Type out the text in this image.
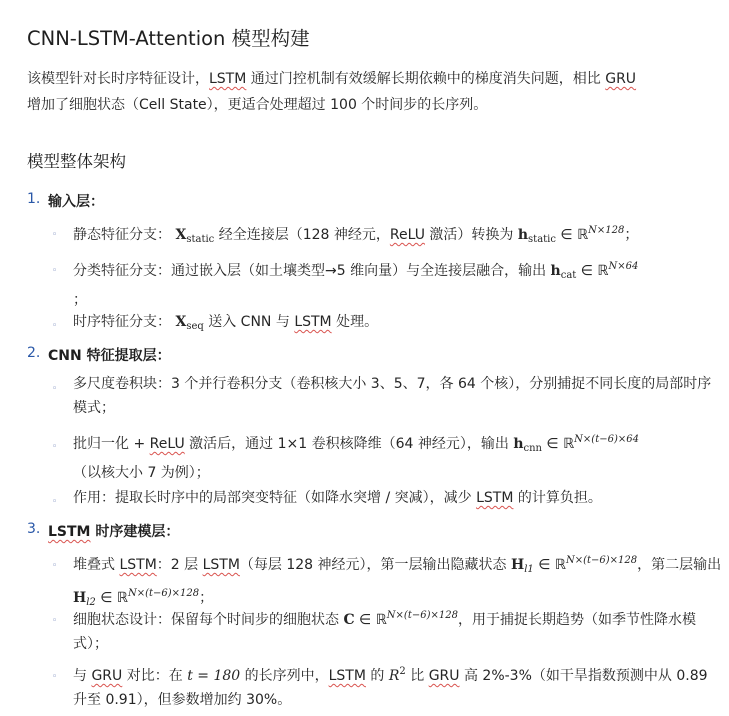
CNN-LSTM-Attention 模型构建

该模型针对长时序特征设计，LSTM 通过门控机制有效缓解长期依赖中的梯度消失问题，相比 GRU
增加了细胞状态（Cell State），更适合处理超过 100 个时间步的长序列。

模型整体架构
1. 输入层：
◦ 静态特征分支： $X_{static}$ 经全连接层（128 神经元，ReLU 激活）转换为 $h_{static}$ ∈ ℝ$^{N\times 128}$；
◦ 分类特征分支：通过嵌入层（如土壤类型→5 维向量）与全连接层融合，输出 $h_{cat}$ ∈ ℝ$^{N\times 64}$
；
◦ 时序特征分支： $X_{seq}$ 送入 CNN 与 LSTM 处理。
2. CNN 特征提取层：
◦ 多尺度卷积块：3 个并行卷积分支（卷积核大小 3、5、7，各 64 个核），分别捕捉不同长度的局部时序模式；
◦ 批归一化 + ReLU 激活后，通过 1×1 卷积核降维（64 神经元），输出 $h_{cnn}$ ∈ ℝ$^{N\times(t-6)\times 64}$
（以核大小 7 为例）；
◦ 作用：提取长时序中的局部突变特征（如降水突增 / 突减），减少 LSTM 的计算负担。
3. LSTM 时序建模层：
◦ 堆叠式 LSTM：2 层 LSTM（每层 128 神经元），第一层输出隐藏状态 $H_{l1}$ ∈ ℝ$^{N\times(t-6)\times 128}$，第二层输出 $H_{l2}$ ∈ ℝ$^{N\times(t-6)\times 128}$；
◦ 细胞状态设计：保留每个时间步的细胞状态 C ∈ ℝ$^{N\times(t-6)\times 128}$，用于捕捉长期趋势（如季节性降水模式）；
◦ 与 GRU 对比：在 t = 180 的长序列中，LSTM 的 $R^2$ 比 GRU 高 2%-3%（如干旱指数预测中从 0.89 升至 0.91），但参数增加约 30%。
